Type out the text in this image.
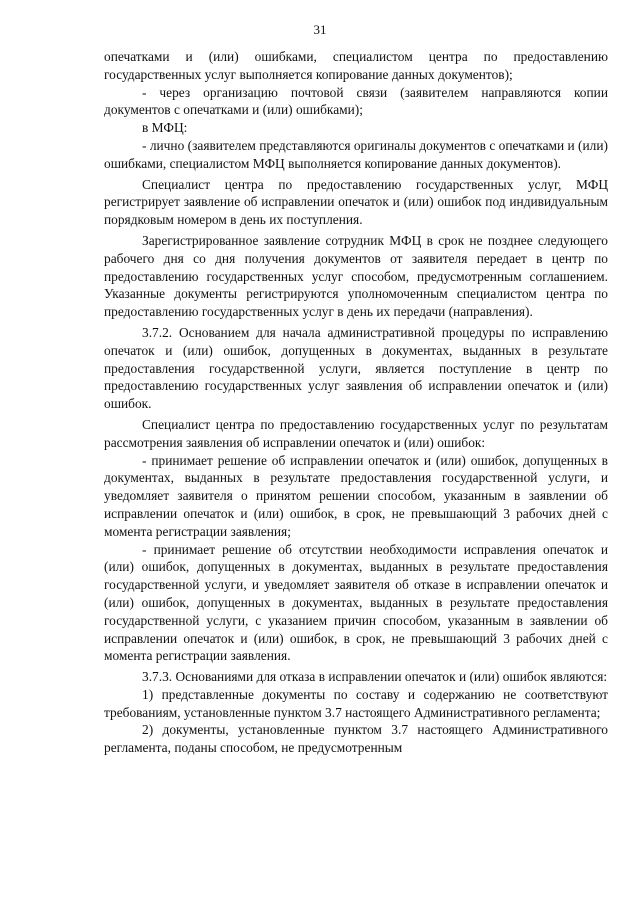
31

опечатками и (или) ошибками, специалистом центра по предоставлению государственных услуг выполняется копирование данных документов);

- через организацию почтовой связи (заявителем направляются копии документов с опечатками и (или) ошибками);

в МФЦ:

- лично (заявителем представляются оригиналы документов с опечатками и (или) ошибками, специалистом МФЦ выполняется копирование данных документов).

Специалист центра по предоставлению государственных услуг, МФЦ регистрирует заявление об исправлении опечаток и (или) ошибок под индивидуальным порядковым номером в день их поступления.

Зарегистрированное заявление сотрудник МФЦ в срок не позднее следующего рабочего дня со дня получения документов от заявителя передает в центр по предоставлению государственных услуг способом, предусмотренным соглашением. Указанные документы регистрируются уполномоченным специалистом центра по предоставлению государственных услуг в день их передачи (направления).

3.7.2. Основанием для начала административной процедуры по исправлению опечаток и (или) ошибок, допущенных в документах, выданных в результате предоставления государственной услуги, является поступление в центр по предоставлению государственных услуг заявления об исправлении опечаток и (или) ошибок.

Специалист центра по предоставлению государственных услуг по результатам рассмотрения заявления об исправлении опечаток и (или) ошибок:

- принимает решение об исправлении опечаток и (или) ошибок, допущенных в документах, выданных в результате предоставления государственной услуги, и уведомляет заявителя о принятом решении способом, указанным в заявлении об исправлении опечаток и (или) ошибок, в срок, не превышающий 3 рабочих дней с момента регистрации заявления;

- принимает решение об отсутствии необходимости исправления опечаток и (или) ошибок, допущенных в документах, выданных в результате предоставления государственной услуги, и уведомляет заявителя об отказе в исправлении опечаток и (или) ошибок, допущенных в документах, выданных в результате предоставления государственной услуги, с указанием причин способом, указанным в заявлении об исправлении опечаток и (или) ошибок, в срок, не превышающий 3 рабочих дней с момента регистрации заявления.

3.7.3. Основаниями для отказа в исправлении опечаток и (или) ошибок являются:

1) представленные документы по составу и содержанию не соответствуют требованиям, установленные пунктом 3.7 настоящего Административного регламента;

2) документы, установленные пунктом 3.7 настоящего Административного регламента, поданы способом, не предусмотренным
